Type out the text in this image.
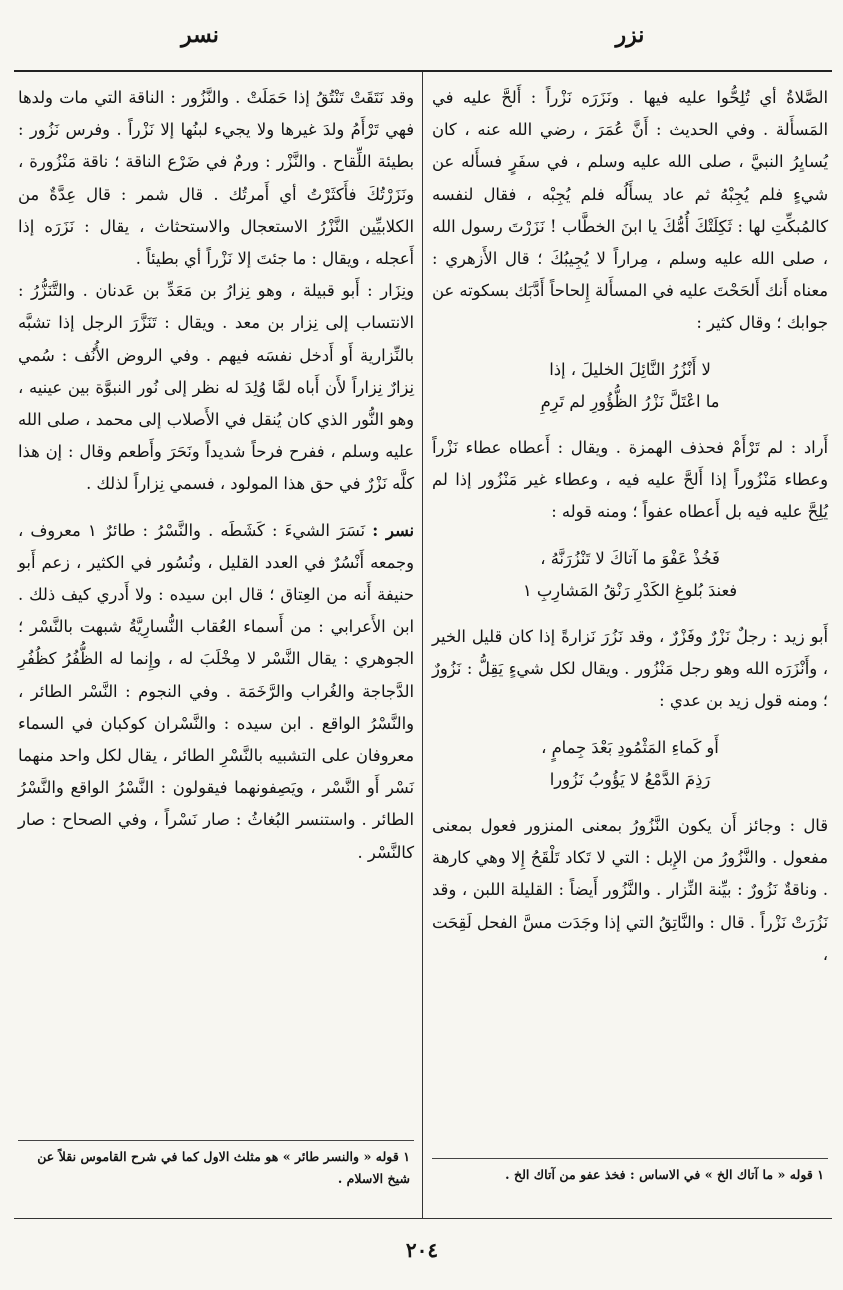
نزر
نسر

الصَّلاةُ أي تُلِحُّوا عليه فيها . ونَزَرَه نَزْراً : أَلحَّ عليه في المَسأَلة . وفي الحديث : أَنَّ عُمَرَ ، رضي الله عنه ، كان يُسايِرُ النبيَّ ، صلى الله عليه وسلم ، في سفَرٍ فسأَله عن شيءٍ فلم يُجِبْهُ ثم عاد يسأَلُه فلم يُجِبْه ، فقال لنفسه كالمُبكِّتِ لها : ثَكِلَتْكَ أُمُّكَ يا ابنَ الخطَّاب ! نَزَرْتَ رسول الله ، صلى الله عليه وسلم ، مِراراً لا يُجِيبُكَ ؛ قال الأَزهري : معناه أَنك أَلحَحْتَ عليه في المسأَلة إِلحاحاً أَدَّبَك بسكوته عن جوابك ؛ وقال كثير :

لا أَنْزُرُ النَّائِلَ الخليلَ ، إذا

ما اعْتَلَّ نَزْرُ الظُّؤُورِ لم تَرِمِ

أَراد : لم تَرْأَمْ فحذف الهمزة . ويقال : أَعطاه عطاء نَزْراً وعطاء مَنْزُوراً إذا أَلحَّ عليه فيه ، وعطاء غير مَنْزُور إذا لم يُلِحَّ عليه فيه بل أَعطاه عفواً ؛ ومنه قوله :

فَخُذْ عَفْوَ ما آتاكَ لا تَنْزُرَنَّهُ ،

فعندَ بُلوغِ الكَدْرِ رَنْقُ المَشارِبِ ١

أَبو زيد : رجلٌ نَزْرٌ وفَزْرٌ ، وقد نَزُرَ نَزارةً إذا كان قليل الخير ، وأَنْزَرَه الله وهو رجل مَنْزُور . ويقال لكل شيءٍ يَقِلُّ : نَزُورٌ ؛ ومنه قول زيد بن عدي :

أَو كَماءِ المَثْمُودِ بَعْدَ جِمامٍ ،

رَذِمَ الدَّمْعُ لا يَؤُوبُ نَزُورا

قال : وجائز أَن يكون النَّزُورُ بمعنى المنزور فعول بمعنى مفعول . والنَّزُورُ من الإِبل : التي لا تَكاد تَلْقَحُ إِلا وهي كارهة . وناقةٌ نَزُورٌ : بيِّنة النِّزار . والنَّزُور أَيضاً : القليلة اللبن ، وقد نَزُرَتْ نَزْراً . قال : والنَّاتِقُ التي إذا وجَدَت مسَّ الفحل لَقِحَت ،

وقد نَتَقَتْ تَنْتُقُ إذا حَمَلَتْ . والنَّزُور : الناقة التي مات ولدها فهي تَرْأَمُ ولدَ غيرها ولا يجيء لبنُها إلا نَزْراً . وفرس نَزُور : بطيئة اللِّقاح . والنَّزْر : ورمٌ في ضَرْع الناقة ؛ ناقة مَنْزُورة ، ونَزَرْتُكَ فأَكثَرْتُ أي أَمرتُك . قال شمر : قال عِدَّةٌ من الكلابيِّين النَّزْرُ الاستعجال والاستحثاث ، يقال : نَزَرَه إذا أَعجله ، ويقال : ما جئتَ إلا نَزْراً أي بطيئاً .

ونِزَار : أَبو قبيلة ، وهو نِزارُ بن مَعَدِّ بن عَدنان . والتَّنَزُّرُ : الانتساب إلى نِزار بن معد . ويقال : تَنَزَّرَ الرجل إذا تشبَّه بالنِّزارية أَو أَدخل نفسَه فيهم . وفي الروض الأُنُف : سُمي نِزارٌ نِزاراً لأَن أَباه لمَّا وُلِدَ له نظر إلى نُور النبوَّة بين عينيه ، وهو النُّور الذي كان يُنقل في الأَصلاب إلى محمد ، صلى الله عليه وسلم ، ففرح فرحاً شديداً ونَحَرَ وأَطعم وقال : إن هذا كلَّه نَزْرٌ في حق هذا المولود ، فسمي نِزاراً لذلك .

نسر : نَسَرَ الشيءَ : كَشَطَه . والنَّسْرُ : طائرٌ ١ معروف ، وجمعه أَنْسُرٌ في العدد القليل ، ونُسُور في الكثير ، زعم أَبو حنيفة أَنه من العِتاق ؛ قال ابن سيده : ولا أَدري كيف ذلك . ابن الأَعرابي : من أَسماء العُقاب النُّسارِيَّةُ شبهت بالنَّسْر ؛ الجوهري : يقال النَّسْر لا مِخْلَبَ له ، وإِنما له الظُّفُرُ كظُفُرِ الدَّجاجة والغُراب والرَّخَمَة . وفي النجوم : النَّسْر الطائر ، والنَّسْرُ الواقع . ابن سيده : والنَّسْران كوكبان في السماء معروفان على التشبيه بالنَّسْرِ الطائر ، يقال لكل واحد منهما نَسْر أَو النَّسْر ، ويَصِفونهما فيقولون : النَّسْرُ الواقع والنَّسْرُ الطائر . واستنسر البُغاثُ : صار نَسْراً ، وفي الصحاح : صار كالنَّسْر .

١ قوله « ما آتاك الخ » في الاساس : فخذ عفو من آتاك الخ .
١ قوله « والنسر طائر » هو مثلث الاول كما في شرح القاموس نقلاً عن شيخ الاسلام .
٢٠٤
